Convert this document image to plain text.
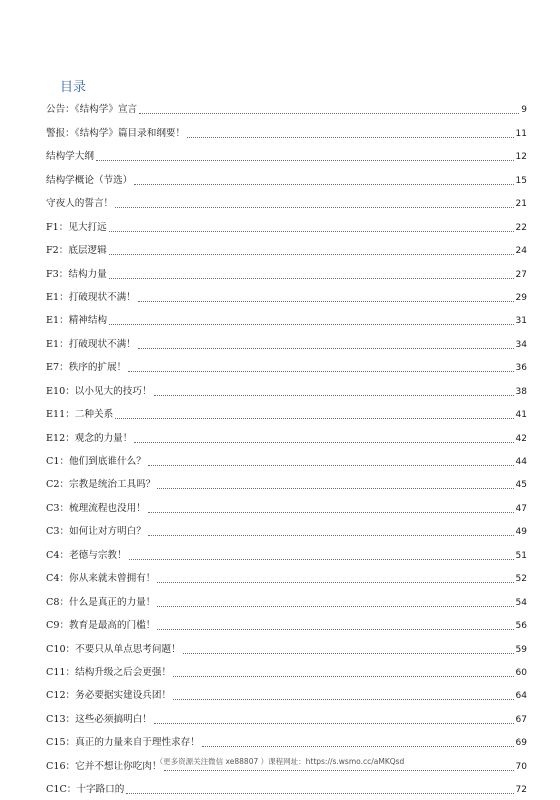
目录
公告：《结构学》宣言	9
警报：《结构学》篇目录和纲要！	11
结构学大纲	12
结构学概论（节选）	15
守夜人的誓言！	21
F1：见大打远	22
F2：底层逻辑	24
F3：结构力量	27
E1：打破现状不满！	29
E1：精神结构	31
E1：打破现状不满！	34
E7：秩序的扩展！	36
E10：以小见大的技巧！	38
E11：二种关系	41
E12：观念的力量！	42
C1：他们到底谁什么？	44
C2：宗教是统治工具吗？	45
C3：梳理流程也没用！	47
C3：如何让对方明白？	49
C4：老德与宗教！	51
C4：你从来就未曾拥有！	52
C8：什么是真正的力量！	54
C9：教育是最高的门槛！	56
C10：不要只从单点思考问题！	59
C11：结构升级之后会更强！	60
C12：务必要据实建设兵团！	64
C13：这些必须搞明白！	67
C15：真正的力量来自于理性求存！	69
C16：它并不想让你吃肉！	70
C1C：十字路口的	72
（更多资源关注微信 xe88807 ）课程网址：https://s.wsmo.cc/aMKQsd
